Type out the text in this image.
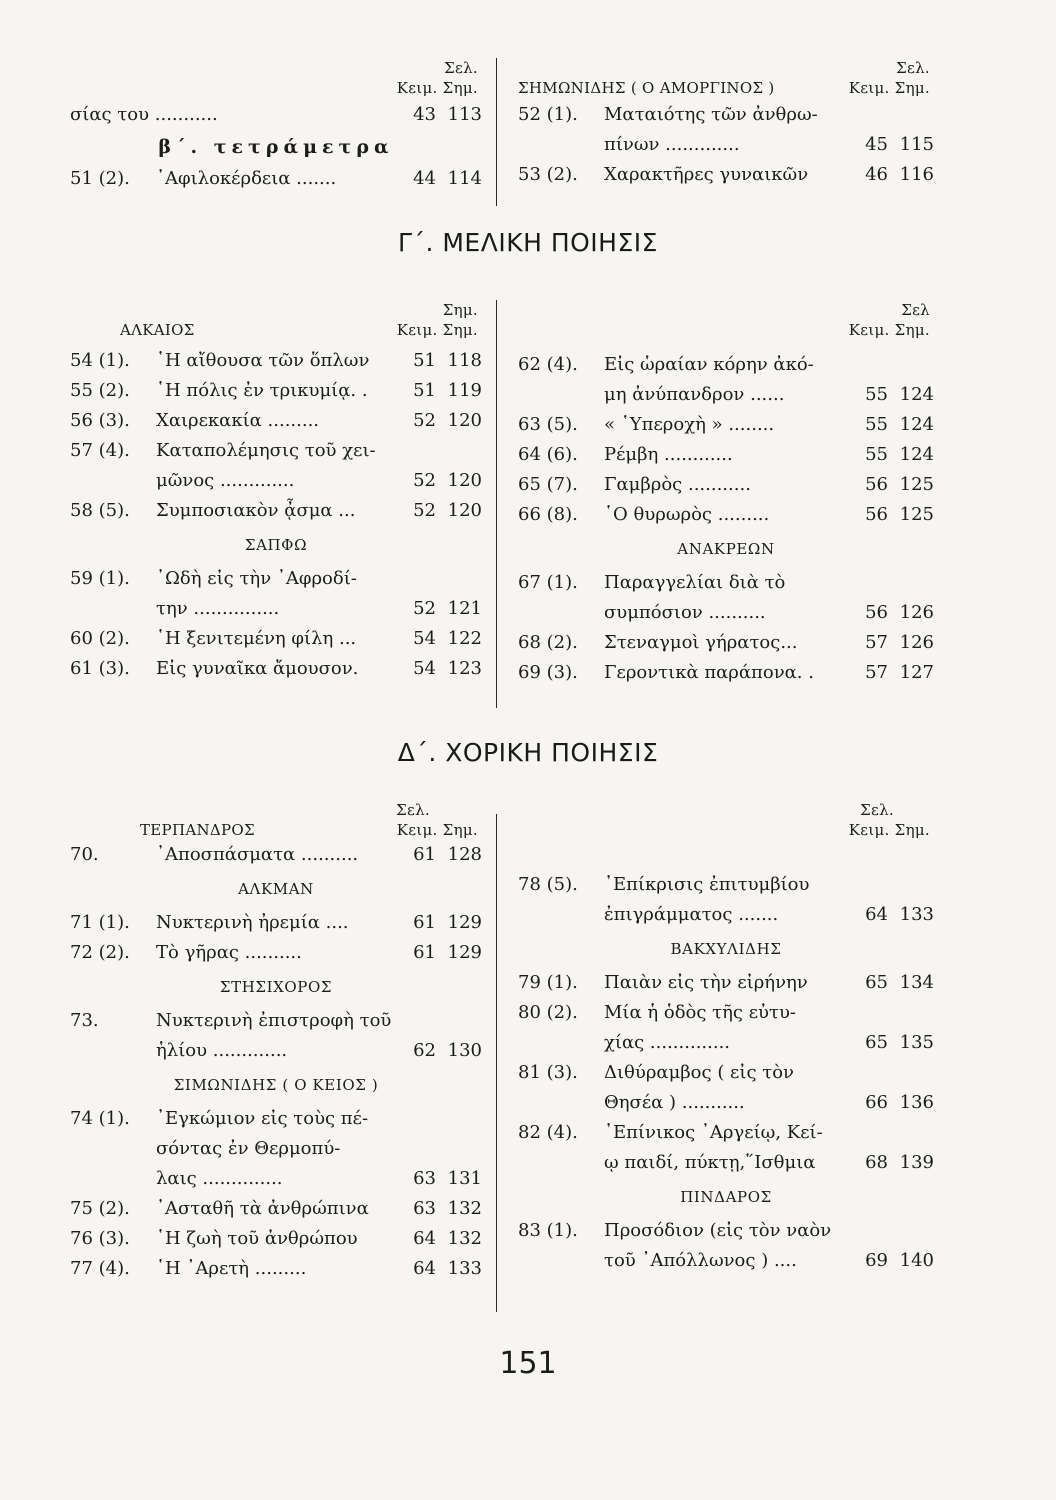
Σελ.
Κειμ. Σημ.
σίας του ...........	43 113
β΄. τετράμετρα
51 (2).	᾿Αφιλοκέρδεια .......	44 114
Σελ.
ΣΗΜΩΝΙΔΗΣ ( Ο ΑΜΟΡΓΙΝΟΣ )	Κειμ. Σημ.
52 (1).	Ματαιότης τῶν ἀνθρω-
πίνων .............	45 115
53 (2).	Χαρακτῆρες γυναικῶν	46 116
Γ΄. ΜΕΛΙΚΗ ΠΟΙΗΣΙΣ
Σημ.
ΑΛΚΑΙΟΣ	Κειμ. Σημ.
54 (1).	῾Η αἴθουσα τῶν ὅπλων	51 118
55 (2).	῾Η πόλις ἐν τρικυμίᾳ. .	51 119
56 (3).	Χαιρεκακία .........	52 120
57 (4).	Καταπολέμησις τοῦ χει-
μῶνος .............	52 120
58 (5).	Συμποσιακὸν ᾆσμα ...	52 120
ΣΑΠΦΩ
59 (1).	᾿Ωδὴ εἰς τὴν ᾿Αφροδί-
την ...............	52 121
60 (2).	῾Η ξενιτεμένη φίλη ...	54 122
61 (3).	Εἰς γυναῖκα ἄμουσον.	54 123
Σελ
Κειμ. Σημ.
62 (4).	Εἰς ὡραίαν κόρην ἀκό-
μη ἀνύπανδρον ......	55 124
63 (5).	« ῾Υπεροχὴ » ........	55 124
64 (6).	Ρέμβη ............	55 124
65 (7).	Γαμβρὸς ...........	56 125
66 (8).	῾Ο θυρωρὸς .........	56 125
ΑΝΑΚΡΕΩΝ
67 (1).	Παραγγελίαι διὰ τὸ
συμπόσιον ..........	56 126
68 (2).	Στεναγμοὶ γήρατος...	57 126
69 (3).	Γεροντικὰ παράπονα. .	57 127
Δ΄. ΧΟΡΙΚΗ ΠΟΙΗΣΙΣ
Σελ.
ΤΕΡΠΑΝΔΡΟΣ	Κειμ. Σημ.
70.	᾿Αποσπάσματα ..........	61 128
ΑΛΚΜΑΝ
71 (1).	Νυκτερινὴ ἠρεμία ....	61 129
72 (2).	Τὸ γῆρας ..........	61 129
ΣΤΗΣΙΧΟΡΟΣ
73.	Νυκτερινὴ ἐπιστροφὴ τοῦ
ἡλίου .............	62 130
ΣΙΜΩΝΙΔΗΣ ( Ο ΚΕΙΟΣ )
74 (1).	᾿Εγκώμιον εἰς τοὺς πέ-
σόντας ἐν Θερμοπύ-
λαις ..............	63 131
75 (2).	᾿Ασταθῆ τὰ ἀνθρώπινα	63 132
76 (3).	῾Η ζωὴ τοῦ ἀνθρώπου	64 132
77 (4).	῾Η ᾿Αρετὴ .........	64 133
Σελ.
Κειμ. Σημ.
78 (5).	᾿Επίκρισις ἐπιτυμβίου
ἐπιγράμματος .......	64 133
ΒΑΚΧΥΛΙΔΗΣ
79 (1).	Παιὰν εἰς τὴν εἰρήνην	65 134
80 (2).	Μία ἡ ὁδὸς τῆς εὐτυ-
χίας ..............	65 135
81 (3).	Διθύραμβος ( εἰς τὸν
Θησέα ) ...........	66 136
82 (4).	᾿Επίνικος ᾿Αργείῳ, Κεί-
ῳ παιδί, πύκτῃ,῞Ισθμια	68 139
ΠΙΝΔΑΡΟΣ
83 (1).	Προσόδιον (εἰς τὸν ναὸν
τοῦ ᾿Απόλλωνος ) ....	69 140
151
